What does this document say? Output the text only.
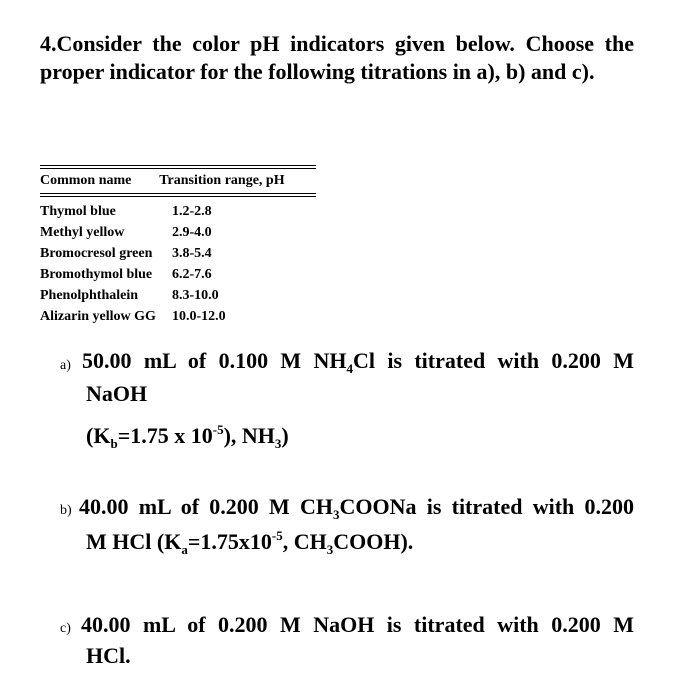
4.Consider the color pH indicators given below. Choose the proper indicator for the following titrations in a), b) and c).

Common name	Transition range, pH
Thymol blue	1.2-2.8
Methyl yellow	2.9-4.0
Bromocresol green	3.8-5.4
Bromothymol blue	6.2-7.6
Phenolphthalein	8.3-10.0
Alizarin yellow GG	10.0-12.0
a) 50.00 mL of 0.100 M $NH_4Cl$ is titrated with 0.200 M
NaOH
($K_b=1.75$ x $10^{-5}$), $NH_3$)
b) 40.00 mL of 0.200 M $CH_3COONa$ is titrated with 0.200
M HCl ($K_a=1.75x10^{-5}$, $CH_3COOH$).
c) 40.00 mL of 0.200 M NaOH is titrated with 0.200 M
HCl.
